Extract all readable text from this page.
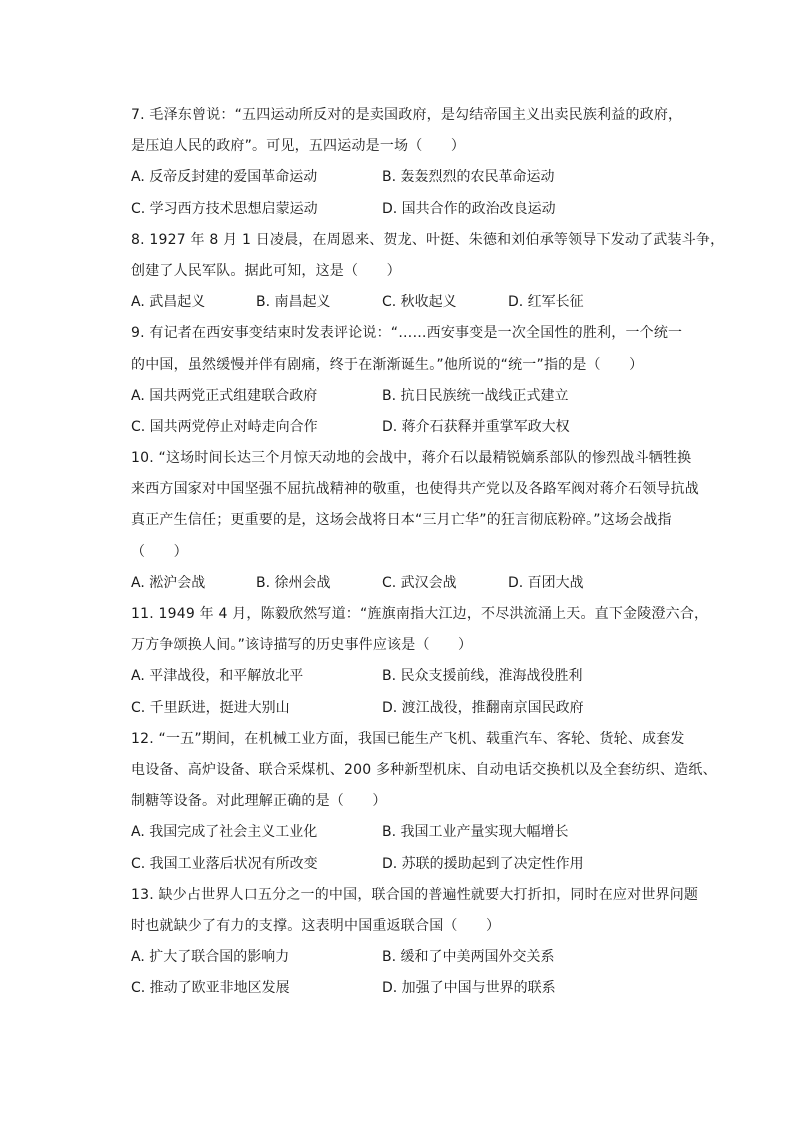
7. 毛泽东曾说：“五四运动所反对的是卖国政府，是勾结帝国主义出卖民族利益的政府，
是压迫人民的政府”。可见，五四运动是一场（　　）
A. 反帝反封建的爱国革命运动	B. 轰轰烈烈的农民革命运动
C. 学习西方技术思想启蒙运动	D. 国共合作的政治改良运动
8. 1927 年 8 月 1 日凌晨，在周恩来、贺龙、叶挺、朱德和刘伯承等领导下发动了武装斗争，
创建了人民军队。据此可知，这是（　　）
A. 武昌起义	B. 南昌起义	C. 秋收起义	D. 红军长征
9. 有记者在西安事变结束时发表评论说：“……西安事变是一次全国性的胜利，一个统一
的中国，虽然缓慢并伴有剧痛，终于在渐渐诞生。”他所说的“统一”指的是（　　）
A. 国共两党正式组建联合政府	B. 抗日民族统一战线正式建立
C. 国共两党停止对峙走向合作	D. 蒋介石获释并重掌军政大权
10. “这场时间长达三个月惊天动地的会战中，蒋介石以最精锐嫡系部队的惨烈战斗牺牲换
来西方国家对中国坚强不屈抗战精神的敬重，也使得共产党以及各路军阀对蒋介石领导抗战
真正产生信任；更重要的是，这场会战将日本“三月亡华”的狂言彻底粉碎。”这场会战指
（　　）
A. 淞沪会战	B. 徐州会战	C. 武汉会战	D. 百团大战
11. 1949 年 4 月，陈毅欣然写道：“旌旗南指大江边，不尽洪流涌上天。直下金陵澄六合，
万方争颂换人间。”该诗描写的历史事件应该是（　　）
A. 平津战役，和平解放北平	B. 民众支援前线，淮海战役胜利
C. 千里跃进，挺进大别山	D. 渡江战役，推翻南京国民政府
12. “一五”期间，在机械工业方面，我国已能生产飞机、载重汽车、客轮、货轮、成套发
电设备、高炉设备、联合采煤机、200 多种新型机床、自动电话交换机以及全套纺织、造纸、
制糖等设备。对此理解正确的是（　　）
A. 我国完成了社会主义工业化	B. 我国工业产量实现大幅增长
C. 我国工业落后状况有所改变	D. 苏联的援助起到了决定性作用
13. 缺少占世界人口五分之一的中国，联合国的普遍性就要大打折扣，同时在应对世界问题
时也就缺少了有力的支撑。这表明中国重返联合国（　　）
A. 扩大了联合国的影响力	B. 缓和了中美两国外交关系
C. 推动了欧亚非地区发展	D. 加强了中国与世界的联系
